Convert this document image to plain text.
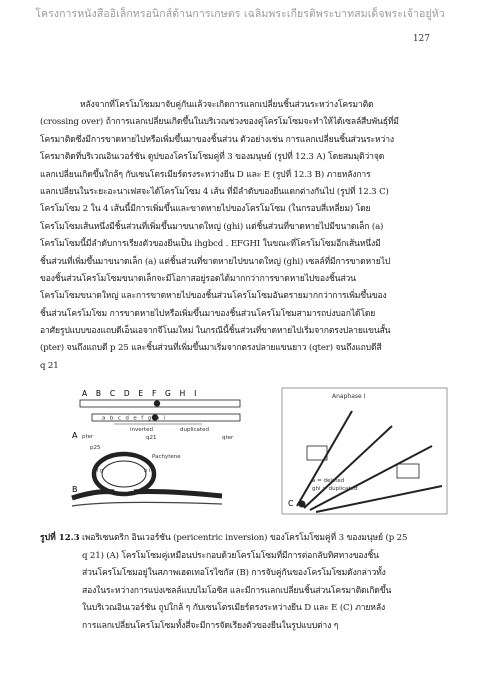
โครงการหนังสืออิเล็กทรอนิกส์ด้านการเกษตร เฉลิมพระเกียรติพระบาทสมเด็จพระเจ้าอยู่หัว
127
หลังจากที่โครโมโซมมาจับคู่กันแล้วจะเกิดการแลกเปลี่ยนชิ้นส่วนระหว่างโครมาติด
(crossing over) ถ้าการแลกเปลี่ยนเกิดขึ้นในบริเวณช่วงของคู่โครโมโซมจะทำให้ได้เซลล์สืบพันธุ์ที่มี
โครมาติดซึ่งมีการขาดหายไปหรือเพิ่มขึ้นมาของชิ้นส่วน ตัวอย่างเช่น การแลกเปลี่ยนชิ้นส่วนระหว่าง
โครมาติดที่บริเวณอินเวอร์ชัน ดูปของโครโมโซมคู่ที่ 3 ของมนุษย์ (รูปที่ 12.3 A) โดยสมมุติว่าจุด
แลกเปลี่ยนเกิดขึ้นใกล้ๆ กับเซนโตรเมียร์ตรงระหว่างยีน D และ E (รูปที่ 12.3 B) ภายหลังการ
แลกเปลี่ยนในระยะอะนาเฟสจะได้โครโมโซม 4 เส้น ที่มีลำดับของยีนแตกต่างกันไป (รูปที่ 12.3 C)
โครโมโซม 2 ใน 4 เส้นนี้มีการเพิ่มขึ้นและขาดหายไปของโครโมโซม (ในกรอบสี่เหลี่ยม) โดย
โครโมโซมเส้นหนึ่งมีชิ้นส่วนที่เพิ่มขึ้นมาขนาดใหญ่ (ghi) แต่ชิ้นส่วนที่ขาดหายไปมีขนาดเล็ก (a)
โครโมโซมนี้มีลำดับการเรียงตัวของยีนเป็น ihgbcd . EFGHI ในขณะที่โครโมโซมอีกเส้นหนึ่งมี
ชิ้นส่วนที่เพิ่มขึ้นมาขนาดเล็ก (a) แต่ชิ้นส่วนที่ขาดหายไปขนาดใหญ่ (ghi) เซลล์ที่มีการขาดหายไป
ของชิ้นส่วนโครโมโซมขนาดเล็กจะมีโอกาสอยู่รอดได้มากกว่าการขาดหายไปของชิ้นส่วน
โครโมโซมขนาดใหญ่ และการขาดหายไปของชิ้นส่วนโครโมโซมอันตรายมากกว่าการเพิ่มขึ้นของ
ชิ้นส่วนโครโมโซม การขาดหายไปหรือเพิ่มขึ้นมาของชิ้นส่วนโครโมโซมสามารถบ่งบอกได้โดย
อาศัยรูปแบบของแถบดีเอ็นเอจากจีโนมใหม่ ในกรณีนี้ชิ้นส่วนที่ขาดหายไปเริ่มจากตรงปลายแขนสั้น
(pter) จนถึงแถบดี p 25 และชิ้นส่วนที่เพิ่มขึ้นมาเริ่มจากตรงปลายแขนยาว (qter) จนถึงแถบดีสี
q 21
A B C D E F G H I
abcdefghi
inverted	duplicated
q21	qter
A pter
p25
Pachytene
B
e f g	h i
Anaphase I
a = deleted
ghi = duplicated
C
รูปที่ 12.3 เพอริเซนตริก อินเวอร์ชัน (pericentric inversion) ของโครโมโซมคู่ที่ 3 ของมนุษย์ (p 25
q 21) (A) โครโมโซมคู่เหมือนประกอบด้วยโครโมโซมที่มีการต่อกลับทิศทางของชิ้น
ส่วนโครโมโซมอยู่ในสภาพเฮตเทอโรไซกัส (B) การจับคู่กันของโครโมโซมดังกล่าวทั้ง
สองในระหว่างการแบ่งเซลล์แบบไมโอซิส และมีการแลกเปลี่ยนชิ้นส่วนโครมาติดเกิดขึ้น
ในบริเวณอินเวอร์ชัน ถูปใกล้ ๆ กับเซนโตรเมียร์ตรงระหว่างยีน D และ E (C) ภายหลัง
การแลกเปลี่ยนโครโมโซมทั้งสี่จะมีการจัดเรียงตัวของยีนในรูปแบบต่าง ๆ
